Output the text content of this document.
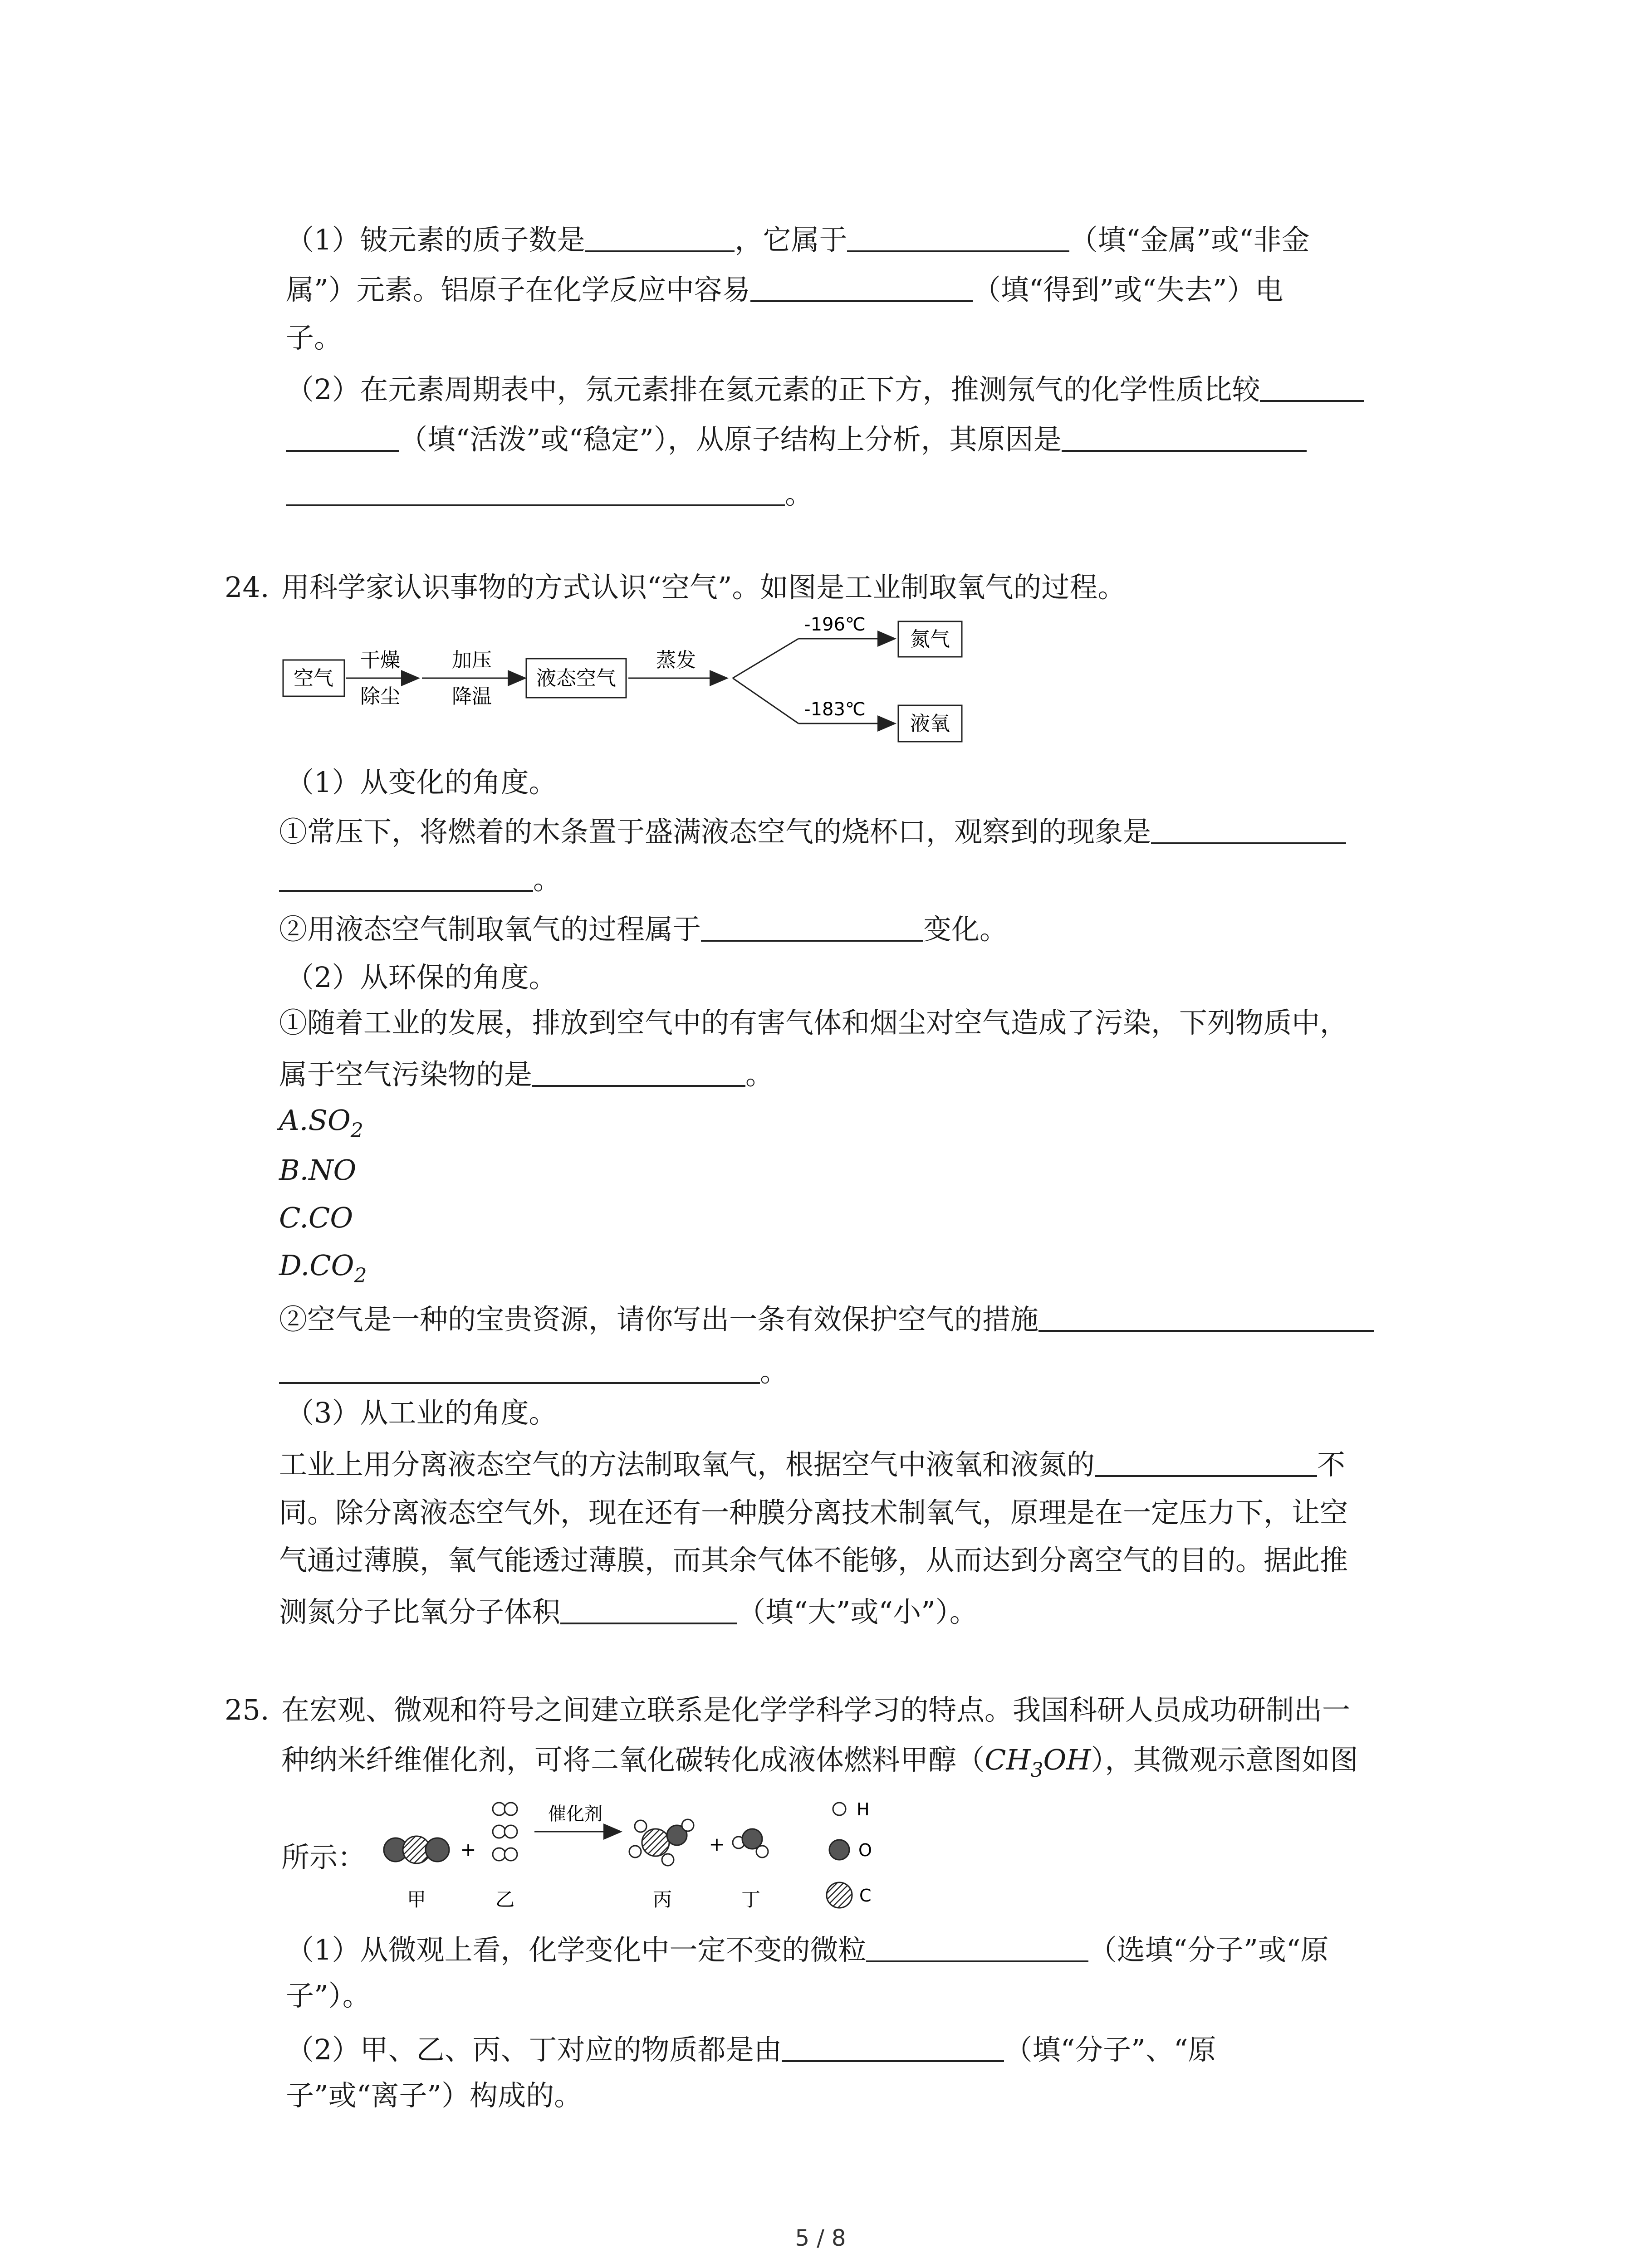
（1）铍元素的质子数是	，它属于	（填“金属”或“非金
属”）元素。铝原子在化学反应中容易	（填“得到”或“失去”）电
子。
（2）在元素周期表中，氖元素排在氦元素的正下方，推测氖气的化学性质比较
（填“活泼”或“稳定”），从原子结构上分析，其原因是
。
24. 用科学家认识事物的方式认识“空气”。如图是工业制取氧气的过程。
空气
干燥
除尘
加压
降温
液态空气
蒸发
-196℃
-183℃
氮气
液氧
（1）从变化的角度。
①常压下，将燃着的木条置于盛满液态空气的烧杯口，观察到的现象是
。
②用液态空气制取氧气的过程属于	变化。
（2）从环保的角度。
①随着工业的发展，排放到空气中的有害气体和烟尘对空气造成了污染，下列物质中，
属于空气污染物的是	。
$A.SO_2$
B.NO
C.CO
$D.CO_2$
②空气是一种的宝贵资源，请你写出一条有效保护空气的措施
。
（3）从工业的角度。
工业上用分离液态空气的方法制取氧气，根据空气中液氧和液氮的	不
同。除分离液态空气外，现在还有一种膜分离技术制氧气，原理是在一定压力下，让空
气通过薄膜，氧气能透过薄膜，而其余气体不能够，从而达到分离空气的目的。据此推
测氮分子比氧分子体积	（填“大”或“小”）。
25. 在宏观、微观和符号之间建立联系是化学学科学习的特点。我国科研人员成功研制出一
种纳米纤维催化剂，可将二氧化碳转化成液体燃料甲醇$(CH_3OH)$，其微观示意图如图
所示：	+
催化剂
+
H
O
C
甲	乙	丙	丁
（1）从微观上看，化学变化中一定不变的微粒	（选填“分子”或“原
子”）。
（2）甲、乙、丙、丁对应的物质都是由	（填“分子”、“原
子”或“离子”）构成的。
5 / 8
